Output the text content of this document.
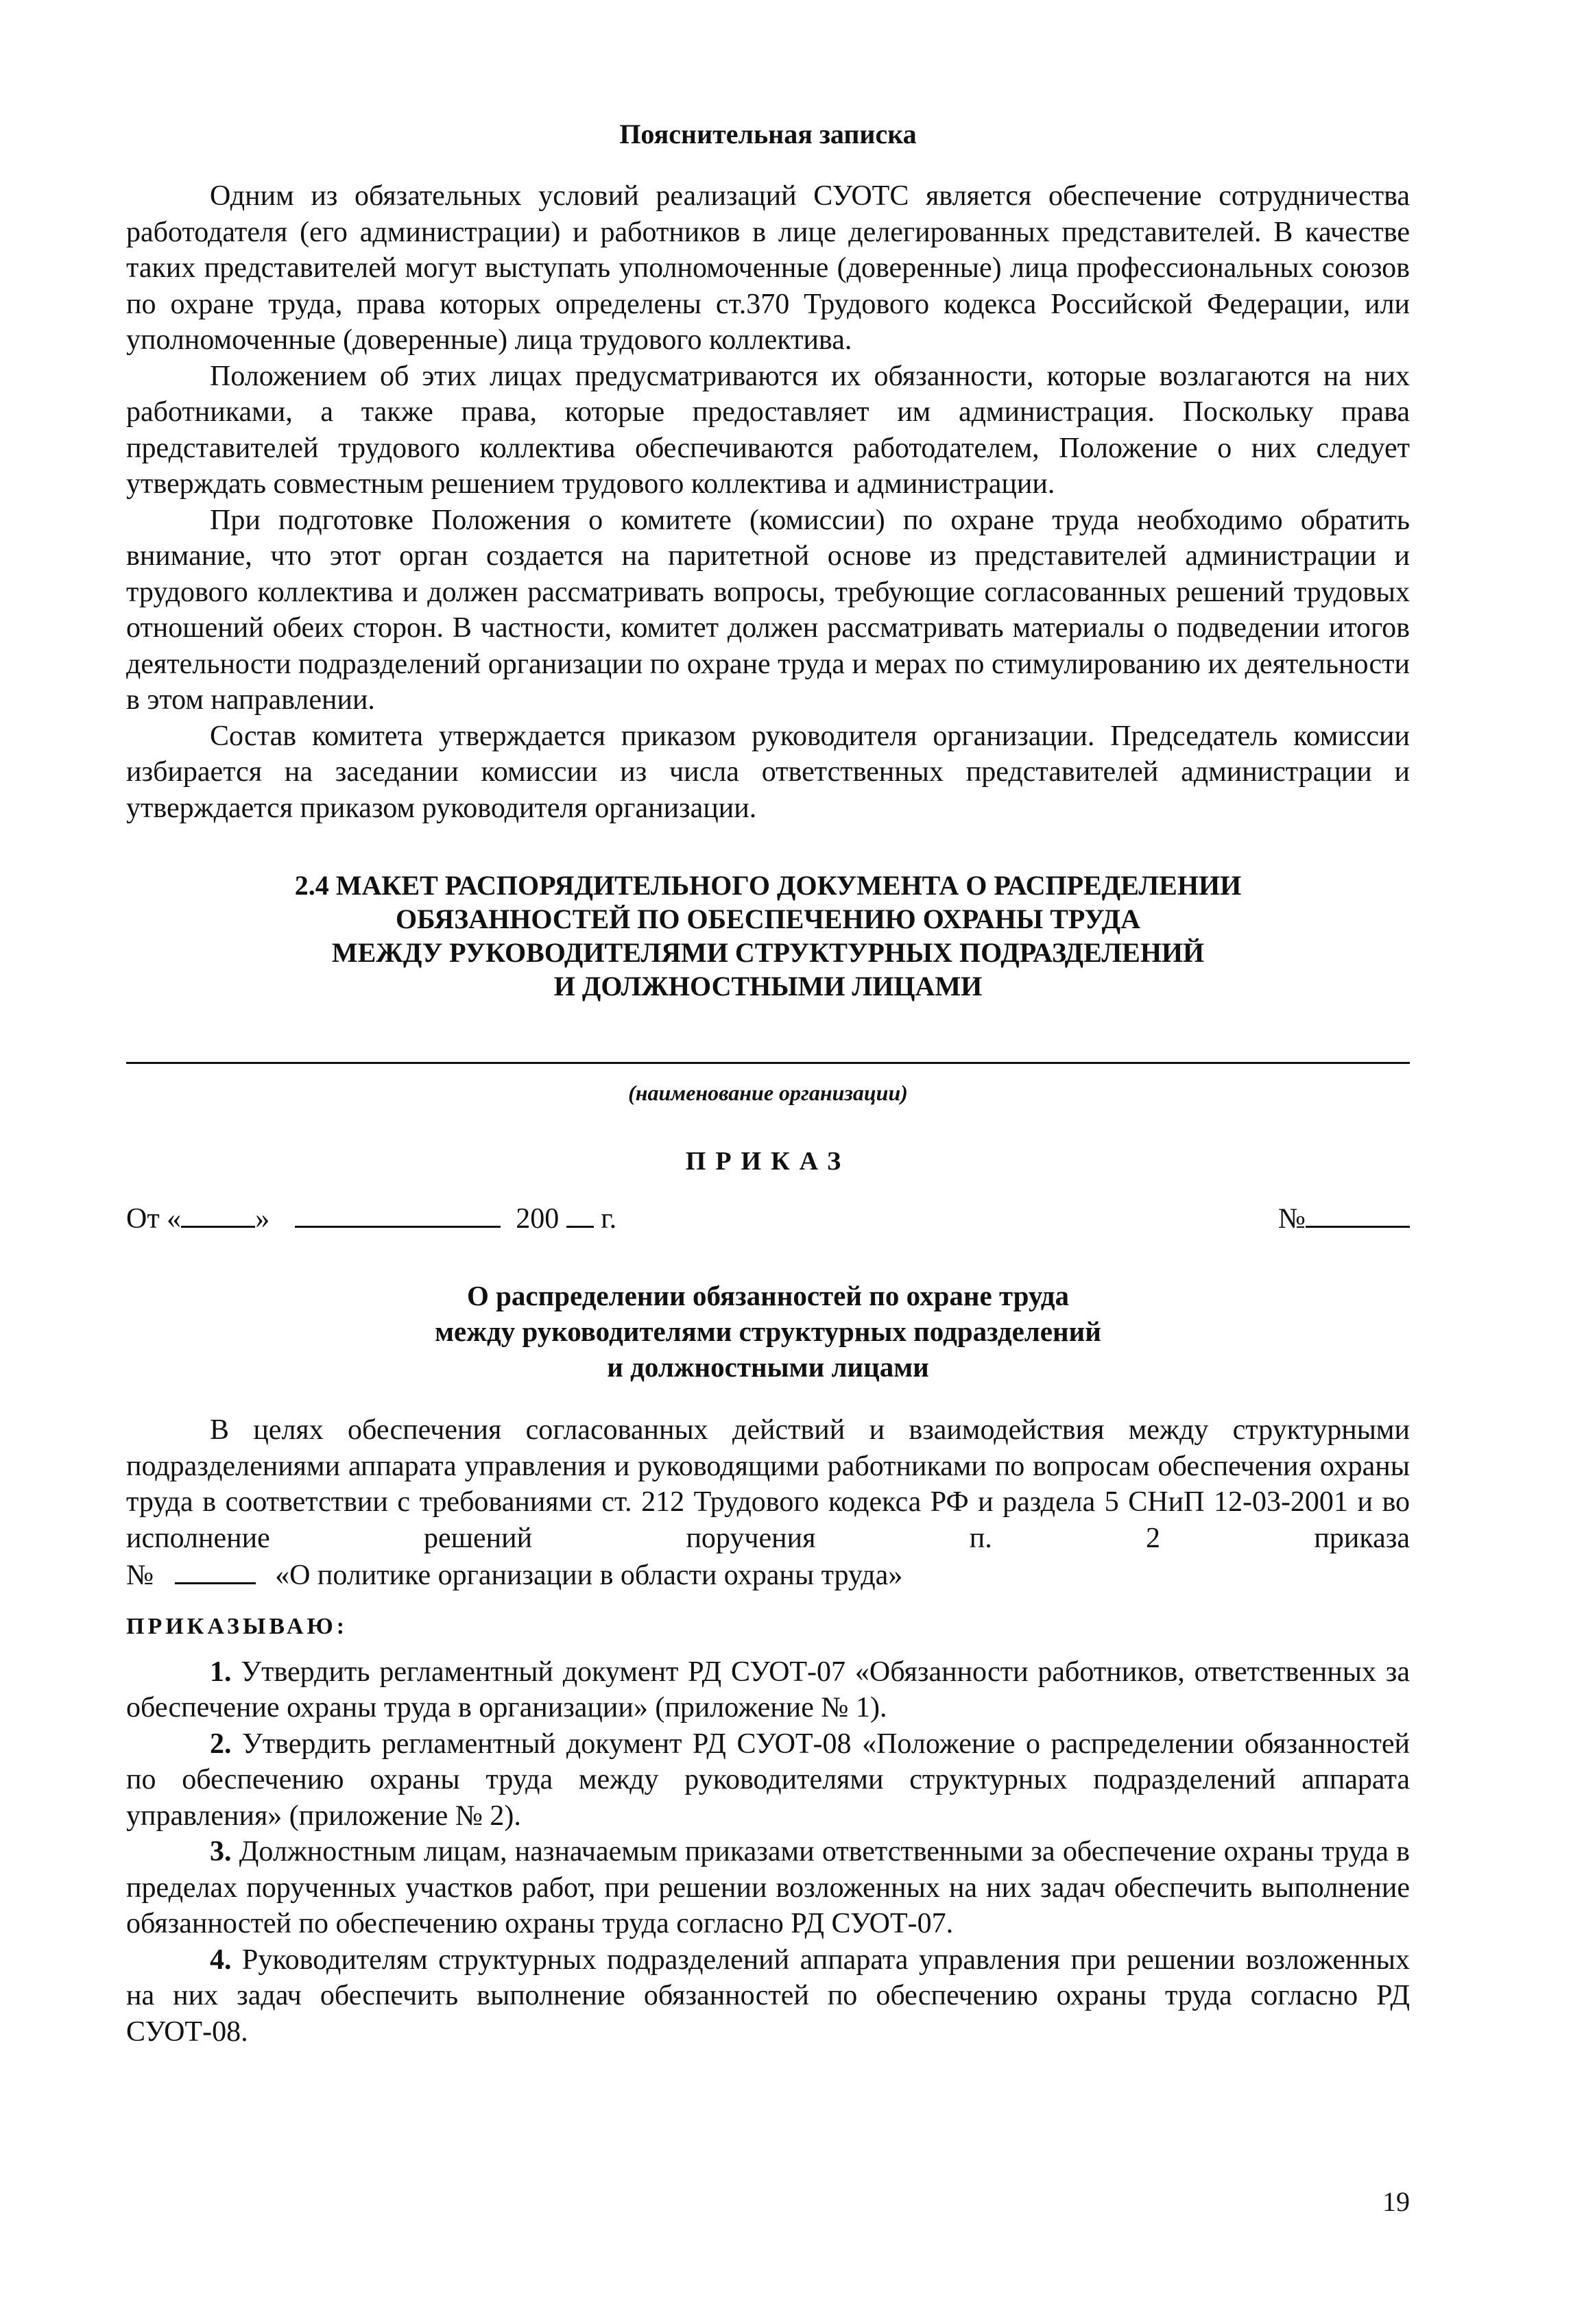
Пояснительная записка

Одним из обязательных условий реализаций СУОТС является обеспечение сотрудничества работодателя (его администрации) и работников в лице делегированных представителей. В качестве таких представителей могут выступать уполномоченные (доверенные) лица профессиональных союзов по охране труда, права которых определены ст.370 Трудового кодекса Российской Федерации, или уполномоченные (доверенные) лица трудового коллектива.

Положением об этих лицах предусматриваются их обязанности, которые возлагаются на них работниками, а также права, которые предоставляет им администрация. Поскольку права представителей трудового коллектива обеспечиваются работодателем, Положение о них следует утверждать совместным решением трудового коллектива и администрации.

При подготовке Положения о комитете (комиссии) по охране труда необходимо обратить внимание, что этот орган создается на паритетной основе из представителей администрации и трудового коллектива и должен рассматривать вопросы, требующие согласованных решений трудовых отношений обеих сторон. В частности, комитет должен рассматривать материалы о подведении итогов деятельности подразделений организации по охране труда и мерах по стимулированию их деятельности в этом направлении.

Состав комитета утверждается приказом руководителя организации. Председатель комиссии избирается на заседании комиссии из числа ответственных представителей администрации и утверждается приказом руководителя организации.

2.4 МАКЕТ РАСПОРЯДИТЕЛЬНОГО ДОКУМЕНТА О РАСПРЕДЕЛЕНИИ
ОБЯЗАННОСТЕЙ ПО ОБЕСПЕЧЕНИЮ ОХРАНЫ ТРУДА
МЕЖДУ РУКОВОДИТЕЛЯМИ СТРУКТУРНЫХ ПОДРАЗДЕЛЕНИЙ
И ДОЛЖНОСТНЫМИ ЛИЦАМИ
(наименование организации)
ПРИКАЗ
От «	»	200 г.	№
О распределении обязанностей по охране труда
между руководителями структурных подразделений
и должностными лицами

В целях обеспечения согласованных действий и взаимодействия между структурными подразделениями аппарата управления и руководящими работниками по вопросам обеспечения охраны труда в соответствии с требованиями ст. 212 Трудового кодекса РФ и раздела 5 СНиП 12-03-2001 и во исполнение решений поручения п. 2 приказа

№	«О политике организации в области охраны труда»

ПРИКАЗЫВАЮ:

1. Утвердить регламентный документ РД СУОТ-07 «Обязанности работников, ответственных за обеспечение охраны труда в организации» (приложение № 1).

2. Утвердить регламентный документ РД СУОТ-08 «Положение о распределении обязанностей по обеспечению охраны труда между руководителями структурных подразделений аппарата управления» (приложение № 2).

3. Должностным лицам, назначаемым приказами ответственными за обеспечение охраны труда в пределах порученных участков работ, при решении возложенных на них задач обеспечить выполнение обязанностей по обеспечению охраны труда согласно РД СУОТ-07.

4. Руководителям структурных подразделений аппарата управления при решении возложенных на них задач обеспечить выполнение обязанностей по обеспечению охраны труда согласно РД СУОТ-08.

19
